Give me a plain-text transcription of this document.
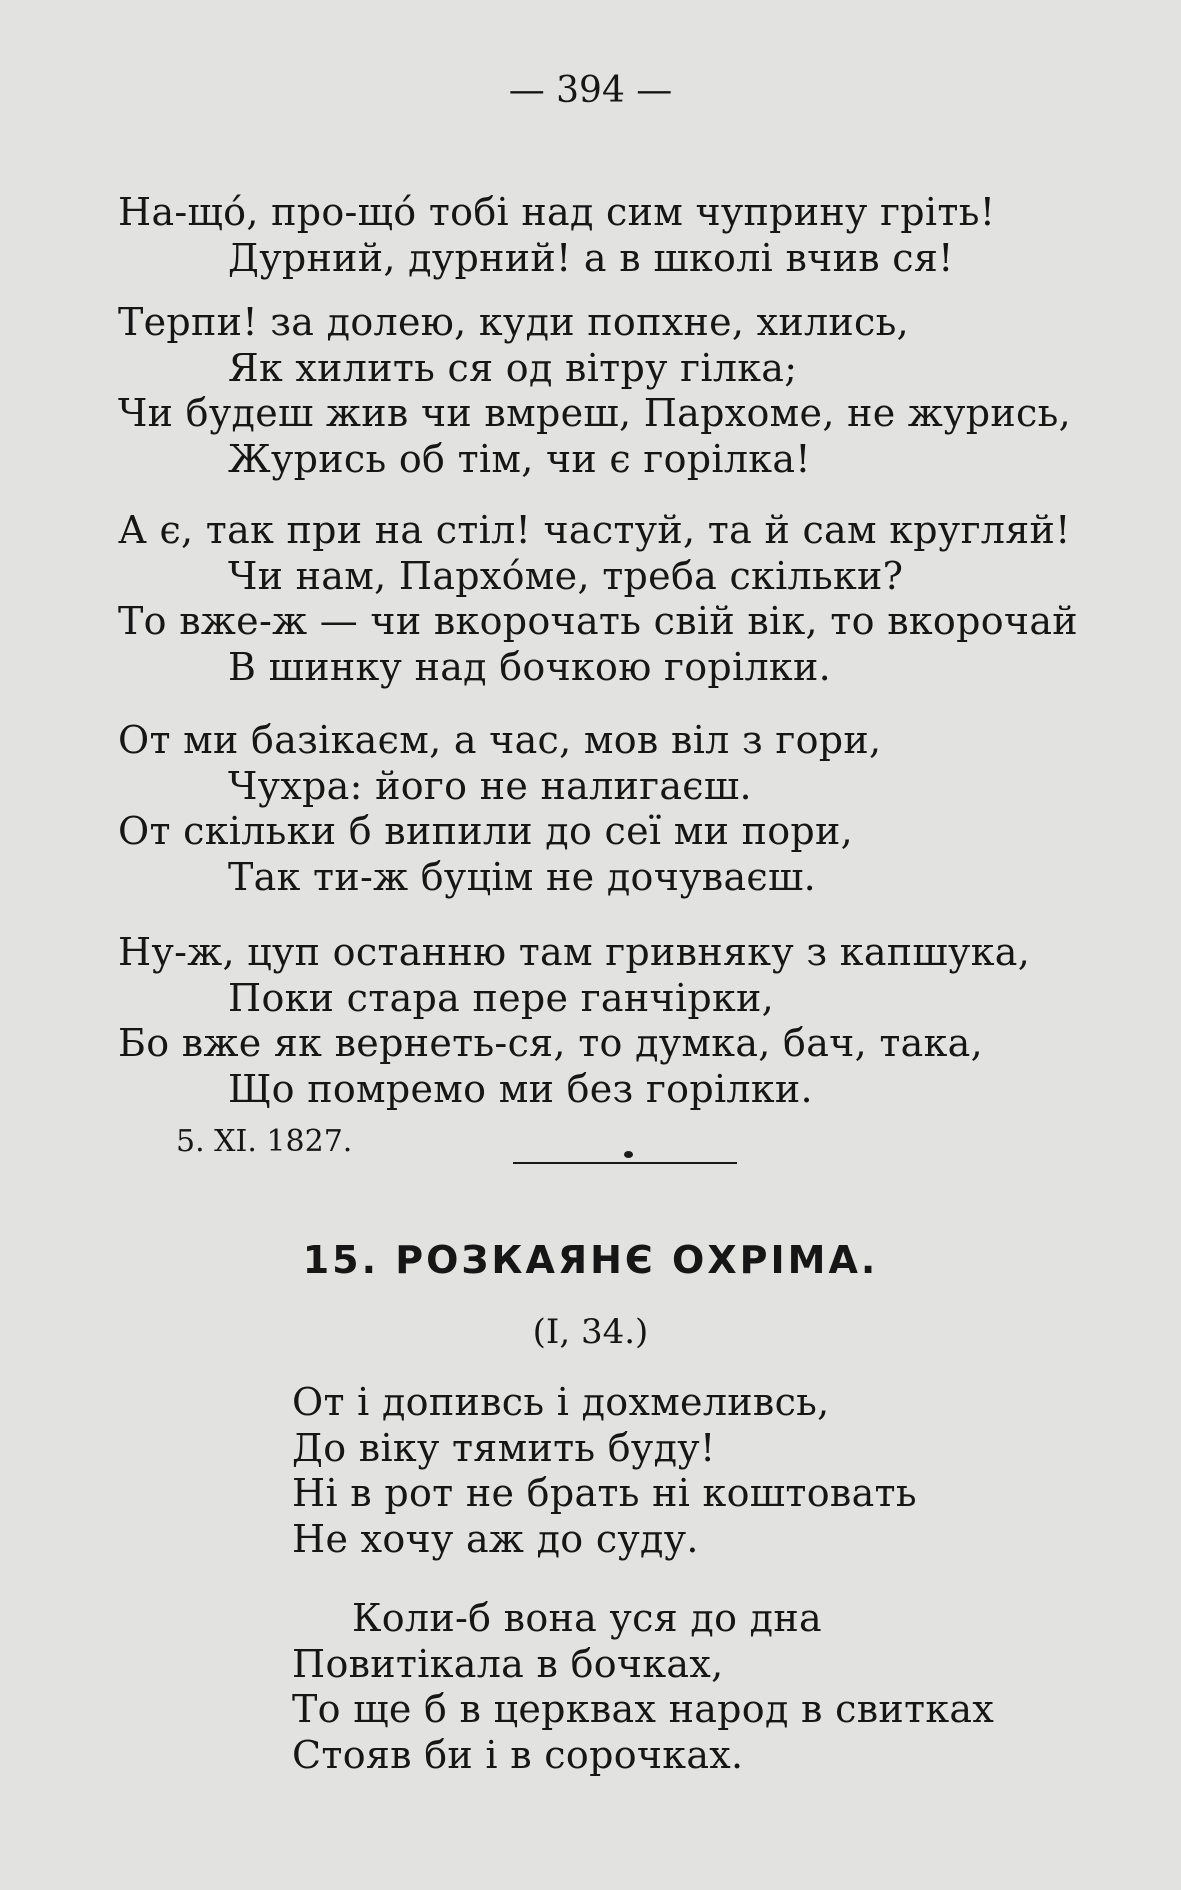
— 394 —
На-що́, про-що́ тобі над сим чуприну гріть!
Дурний, дурний! а в школі вчив ся!
Терпи! за долею, куди попхне, хились,
Як хилить ся од вітру гілка;
Чи будеш жив чи вмреш, Пархоме, не журись,
Журись об тім, чи є горілка!
А є, так при на стіл! частуй, та й сам кругляй!
Чи нам, Пархо́ме, треба скільки?
То вже-ж — чи вкорочать свій вік, то вкорочай
В шинку над бочкою горілки.
От ми базікаєм, а час, мов віл з гори,
Чухра: його не налигаєш.
От скільки б випили до сеї ми пори,
Так ти-ж буцім не дочуваєш.
Ну-ж, цуп останню там гривняку з капшука,
Поки стара пере ганчірки,
Бо вже як вернеть-ся, то думка, бач, така,
Що помремо ми без горілки.
5. XI. 1827.
15. РОЗКАЯНЄ ОХРІМА.
(I, 34.)
От і допивсь і дохмеливсь,
До віку тямить буду!
Ні в рот не брать ні коштовать
Не хочу аж до суду.
Коли-б вона уся до дна
Повитікала в бочках,
То ще б в церквах народ в свитках
Стояв би і в сорочках.
